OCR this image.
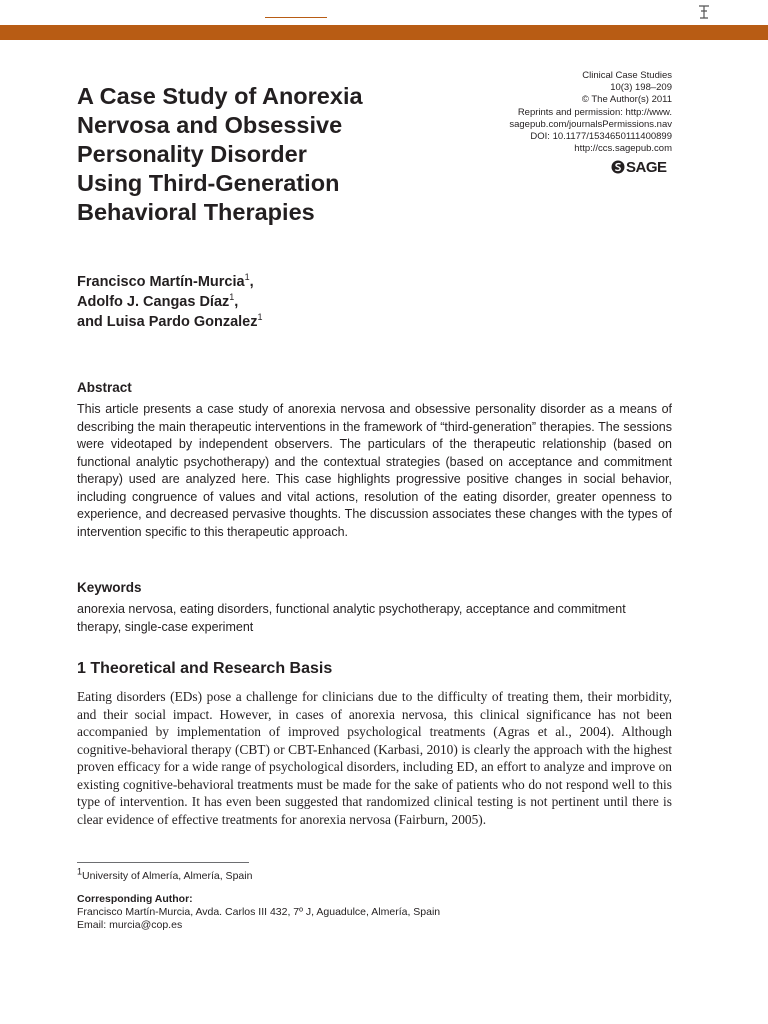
A Case Study of Anorexia
Nervosa and Obsessive
Personality Disorder
Using Third-Generation
Behavioral Therapies
Clinical Case Studies
10(3) 198–209
© The Author(s) 2011
Reprints and permission: http://www.
sagepub.com/journalsPermissions.nav
DOI: 10.1177/1534650111400899
http://ccs.sagepub.com
SAGE
Francisco Martín-Murcia$^1$,
Adolfo J. Cangas Díaz$^1$,
and Luisa Pardo Gonzalez$^1$
Abstract
This article presents a case study of anorexia nervosa and obsessive personality disorder as a means of describing the main therapeutic interventions in the framework of “third-generation” therapies. The sessions were videotaped by independent observers. The particulars of the therapeutic relationship (based on functional analytic psychotherapy) and the contextual strategies (based on acceptance and commitment therapy) used are analyzed here. This case highlights progressive positive changes in social behavior, including congruence of values and vital actions, resolution of the eating disorder, greater openness to experience, and decreased pervasive thoughts. The discussion associates these changes with the types of intervention specific to this therapeutic approach.
Keywords
anorexia nervosa, eating disorders, functional analytic psychotherapy, acceptance and commitment therapy, single-case experiment
1 Theoretical and Research Basis
Eating disorders (EDs) pose a challenge for clinicians due to the difficulty of treating them, their morbidity, and their social impact. However, in cases of anorexia nervosa, this clinical significance has not been accompanied by implementation of improved psychological treatments (Agras et al., 2004). Although cognitive-behavioral therapy (CBT) or CBT-Enhanced (Karbasi, 2010) is clearly the approach with the highest proven efficacy for a wide range of psychological disorders, including ED, an effort to analyze and improve on existing cognitive-behavioral treatments must be made for the sake of patients who do not respond well to this type of intervention. It has even been suggested that randomized clinical testing is not pertinent until there is clear evidence of effective treatments for anorexia nervosa (Fairburn, 2005).
$^1$University of Almería, Almería, Spain
Corresponding Author:
Francisco Martín-Murcia, Avda. Carlos III 432, 7º J, Aguadulce, Almería, Spain
Email: murcia@cop.es
